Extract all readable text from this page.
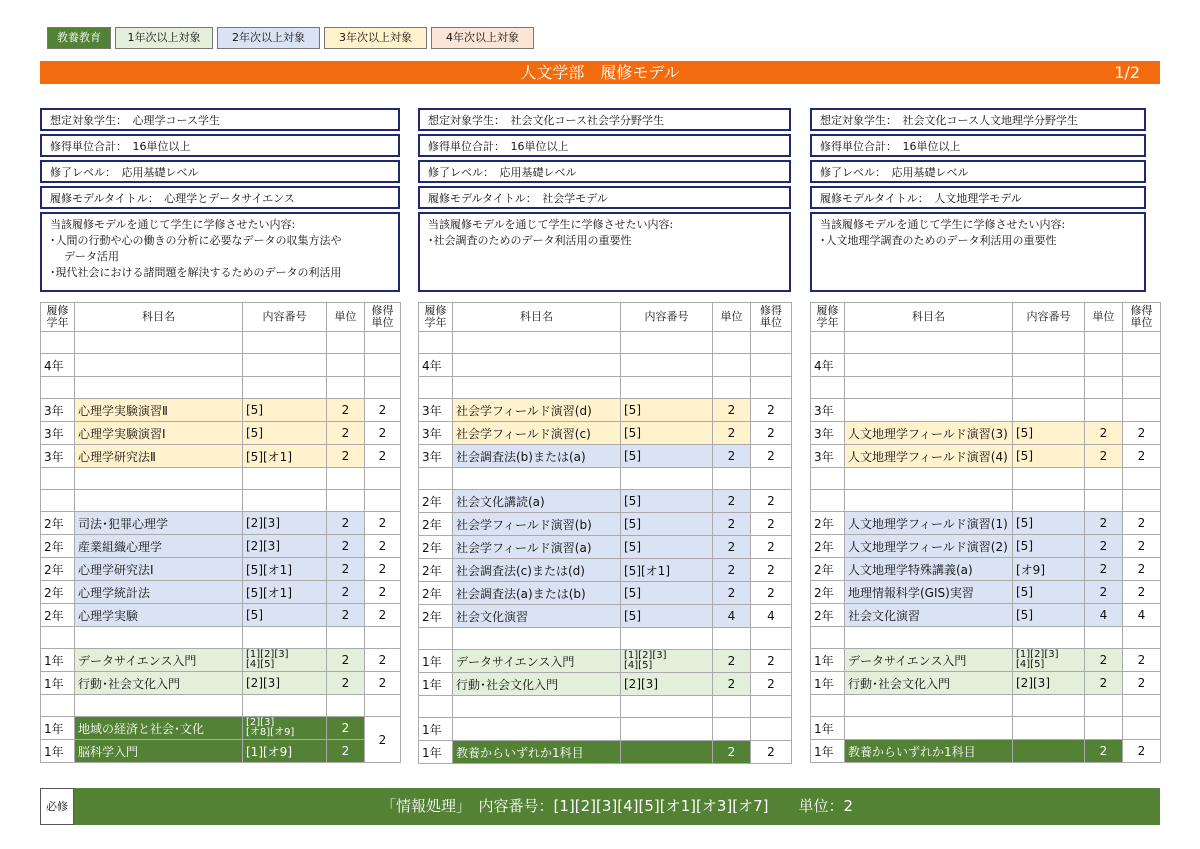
教養教育	1年次以上対象	2年次以上対象	3年次以上対象	4年次以上対象
人文学部　履修モデル	1/2
想定対象学生：　心理学コース学生
修得単位合計：　16単位以上
修了レベル：　応用基礎レベル
履修モデルタイトル：　心理学とデータサイエンス
当該履修モデルを通じて学生に学修させたい内容:
･人間の行動や心の働きの分析に必要なデータの収集方法や
データ活用
･現代社会における諸問題を解決するためのデータの利活用
想定対象学生：　社会文化コース社会学分野学生
修得単位合計：　16単位以上
修了レベル：　応用基礎レベル
履修モデルタイトル：　社会学モデル
当該履修モデルを通じて学生に学修させたい内容:
･社会調査のためのデータ利活用の重要性
想定対象学生：　社会文化コース人文地理学分野学生
修得単位合計：　16単位以上
修了レベル：　応用基礎レベル
履修モデルタイトル：　人文地理学モデル
当該履修モデルを通じて学生に学修させたい内容:
･人文地理学調査のためのデータ利活用の重要性
履修
学年	科目名	内容番号	単位	修得
単位

4年				

3年	心理学実験演習Ⅱ	[5]	2	2
3年	心理学実験演習Ⅰ	[5]	2	2
3年	心理学研究法Ⅱ	[5][オ1]	2	2

2年	司法･犯罪心理学	[2][3]	2	2
2年	産業組織心理学	[2][3]	2	2
2年	心理学研究法Ⅰ	[5][オ1]	2	2
2年	心理学統計法	[5][オ1]	2	2
2年	心理学実験	[5]	2	2

1年	データサイエンス入門	[1][2][3]
[4][5]	2	2
1年	行動･社会文化入門	[2][3]	2	2

1年	地域の経済と社会･文化	[2][3]
[オ8][オ9]	2	2
1年	脳科学入門	[1][オ9]	2	
履修
学年	科目名	内容番号	単位	修得
単位

4年				

3年	社会学フィールド演習(d)	[5]	2	2
3年	社会学フィールド演習(c)	[5]	2	2
3年	社会調査法(b)または(a)	[5]	2	2

2年	社会文化講読(a)	[5]	2	2
2年	社会学フィールド演習(b)	[5]	2	2
2年	社会学フィールド演習(a)	[5]	2	2
2年	社会調査法(c)または(d)	[5][オ1]	2	2
2年	社会調査法(a)または(b)	[5]	2	2
2年	社会文化演習	[5]	4	4

1年	データサイエンス入門	[1][2][3]
[4][5]	2	2
1年	行動･社会文化入門	[2][3]	2	2

1年				
1年	教養からいずれか1科目		2	2
履修
学年	科目名	内容番号	単位	修得
単位

4年				

3年				
3年	人文地理学フィールド演習(3)	[5]	2	2
3年	人文地理学フィールド演習(4)	[5]	2	2

2年	人文地理学フィールド演習(1)	[5]	2	2
2年	人文地理学フィールド演習(2)	[5]	2	2
2年	人文地理学特殊講義(a)	[オ9]	2	2
2年	地理情報科学(GIS)実習	[5]	2	2
2年	社会文化演習	[5]	4	4

1年	データサイエンス入門	[1][2][3]
[4][5]	2	2
1年	行動･社会文化入門	[2][3]	2	2

1年				
1年	教養からいずれか1科目		2	2
必修	「情報処理」　内容番号：[1][2][3][4][5][オ1][オ3][オ7]　　単位：2
